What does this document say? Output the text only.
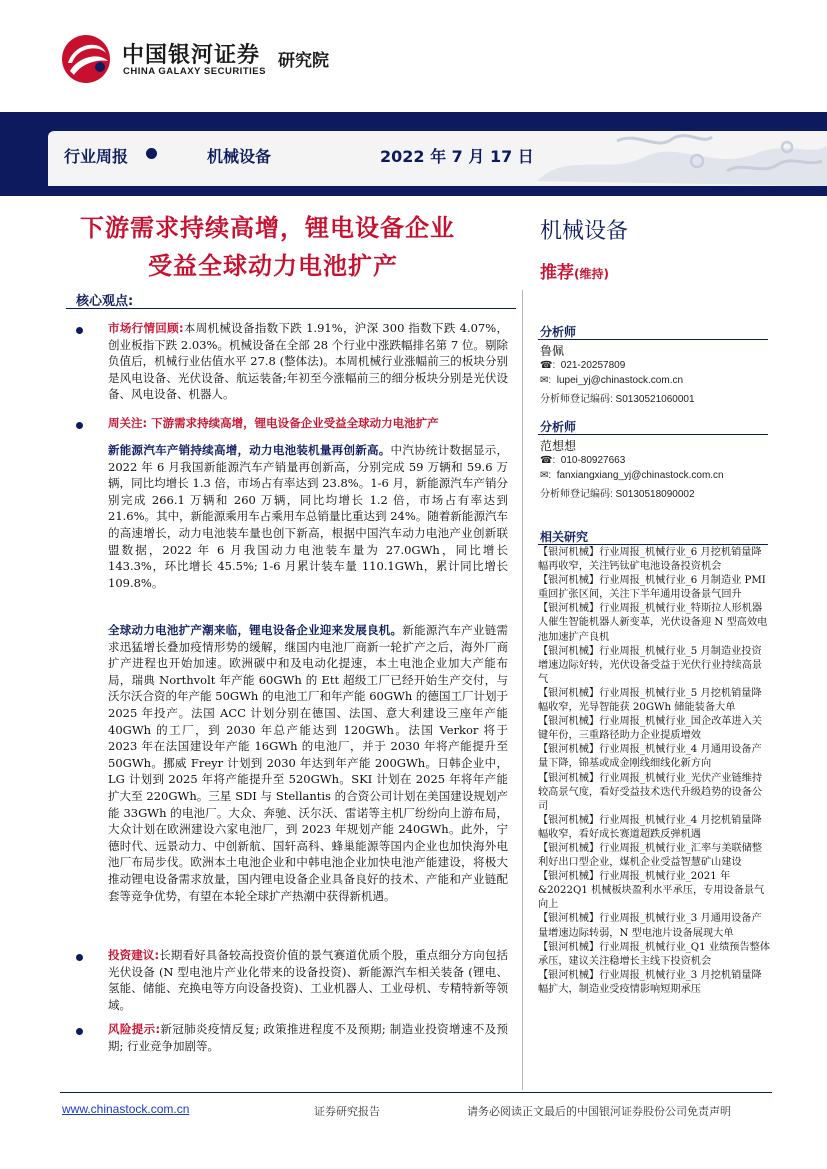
中国银河证券
CHINA GALAXY SECURITIES
研究院
行业周报	机械设备	2022 年 7 月 17 日
下游需求持续高增，锂电设备企业
受益全球动力电池扩产
机械设备
推荐(维持)
核心观点:
市场行情回顾:本周机械设备指数下跌 1.91%，沪深 300 指数下跌 4.07%，创业板指下跌 2.03%。机械设备在全部 28 个行业中涨跌幅排名第 7 位。剔除负值后，机械行业估值水平 27.8 (整体法)。本周机械行业涨幅前三的板块分别是风电设备、光伏设备、航运装备;年初至今涨幅前三的细分板块分别是光伏设备、风电设备、机器人。
周关注: 下游需求持续高增，锂电设备企业受益全球动力电池扩产
新能源汽车产销持续高增，动力电池装机量再创新高。中汽协统计数据显示，2022 年 6 月我国新能源汽车产销量再创新高，分别完成 59 万辆和 59.6 万辆，同比均增长 1.3 倍，市场占有率达到 23.8%。1-6 月，新能源汽车产销分别完成 266.1 万辆和 260 万辆，同比均增长 1.2 倍，市场占有率达到 21.6%。其中，新能源乘用车占乘用车总销量比重达到 24%。随着新能源汽车的高速增长，动力电池装车量也创下新高，根据中国汽车动力电池产业创新联盟数据，2022 年 6 月我国动力电池装车量为 27.0GWh，同比增长 143.3%，环比增长 45.5%; 1-6 月累计装车量 110.1GWh，累计同比增长 109.8%。
全球动力电池扩产潮来临，锂电设备企业迎来发展良机。新能源汽车产业链需求迅猛增长叠加疫情形势的缓解，继国内电池厂商新一轮扩产之后，海外厂商扩产进程也开始加速。欧洲碳中和及电动化提速，本土电池企业加大产能布局，瑞典 Northvolt 年产能 60GWh 的 Ett 超级工厂已经开始生产交付，与沃尔沃合资的年产能 50GWh 的电池工厂和年产能 60GWh 的德国工厂计划于 2025 年投产。法国 ACC 计划分别在德国、法国、意大利建设三座年产能 40GWh 的工厂，到 2030 年总产能达到 120GWh。法国 Verkor 将于 2023 年在法国建设年产能 16GWh 的电池厂，并于 2030 年将产能提升至 50GWh。挪威 Freyr 计划到 2030 年达到年产能 200GWh。日韩企业中，LG 计划到 2025 年将产能提升至 520GWh。SKI 计划在 2025 年将年产能扩大至 220GWh。三星 SDI 与 Stellantis 的合资公司计划在美国建设规划产能 33GWh 的电池厂。大众、奔驰、沃尔沃、雷诺等主机厂纷纷向上游布局，大众计划在欧洲建设六家电池厂，到 2023 年规划产能 240GWh。此外，宁德时代、远景动力、中创新航、国轩高科、蜂巢能源等国内企业也加快海外电池厂布局步伐。欧洲本土电池企业和中韩电池企业加快电池产能建设，将极大推动锂电设备需求放量，国内锂电设备企业具备良好的技术、产能和产业链配套等竞争优势，有望在本轮全球扩产热潮中获得新机遇。
投资建议:长期看好具备较高投资价值的景气赛道优质个股，重点细分方向包括光伏设备 (N 型电池片产业化带来的设备投资)、新能源汽车相关装备 (锂电、氢能、储能、充换电等方向设备投资)、工业机器人、工业母机、专精特新等领域。
风险提示:新冠肺炎疫情反复; 政策推进程度不及预期; 制造业投资增速不及预期; 行业竞争加剧等。
分析师
鲁佩
☎:  021-20257809
✉:  lupei_yj@chinastock.com.cn
分析师登记编码: S0130521060001
分析师
范想想
☎:  010-80927663
✉:  fanxiangxiang_yj@chinastock.com.cn
分析师登记编码: S0130518090002
相关研究
【银河机械】行业周报_机械行业_6 月挖机销量降幅再收窄，关注钙钛矿电池设备投资机会
【银河机械】行业周报_机械行业_6 月制造业 PMI 重回扩张区间，关注下半年通用设备景气回升
【银河机械】行业周报_机械行业_特斯拉人形机器人催生智能机器人新变革，光伏设备迎 N 型高效电池加速扩产良机
【银河机械】行业周报_机械行业_5 月制造业投资增速边际好转，光伏设备受益于光伏行业持续高景气
【银河机械】行业周报_机械行业_5 月挖机销量降幅收窄，光导智能获 20GWh 储能装备大单
【银河机械】行业周报_机械行业_国企改革进入关键年份，三重路径助力企业提质增效
【银河机械】行业周报_机械行业_4 月通用设备产量下降，锦基或成金刚线细线化新方向
【银河机械】行业周报_机械行业_光伏产业链维持较高景气度，看好受益技术迭代升级趋势的设备公司
【银河机械】行业周报_机械行业_4 月挖机销量降幅收窄，看好成长赛道超跌反弹机遇
【银河机械】行业周报_机械行业_汇率与美联储整利好出口型企业，煤机企业受益智慧矿山建设
【银河机械】行业周报_机械行业_2021 年&2022Q1 机械板块盈利水平承压，专用设备景气向上
【银河机械】行业周报_机械行业_3 月通用设备产量增速边际转弱，N 型电池片设备展现大单
【银河机械】行业周报_机械行业_Q1 业绩预告整体承压，建议关注稳增长主线下投资机会
【银河机械】行业周报_机械行业_3 月挖机销量降幅扩大，制造业受疫情影响短期承压
www.chinastock.com.cn	证券研究报告	请务必阅读正文最后的中国银河证券股份公司免责声明
